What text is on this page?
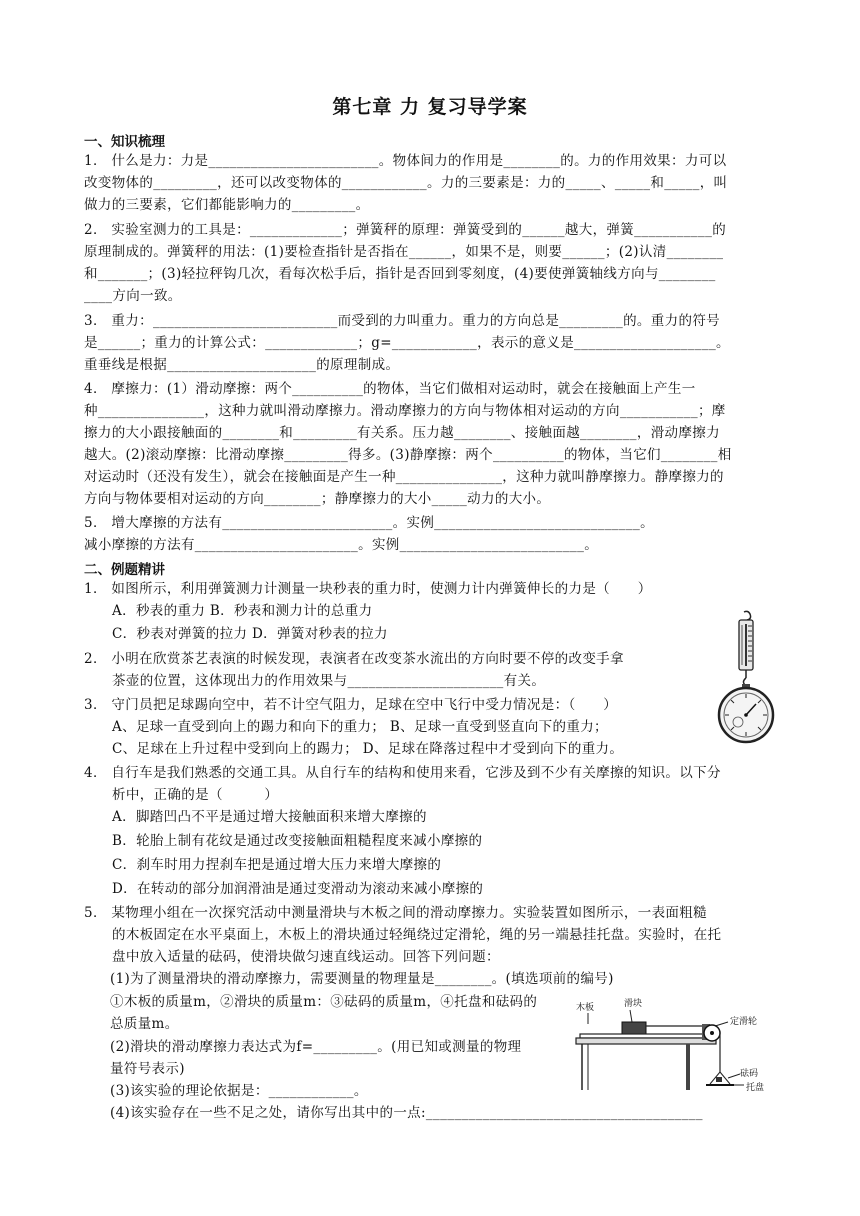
第七章 力 复习导学案
一、知识梳理
1． 什么是力：力是________________________。物体间力的作用是________的。力的作用效果：力可以
改变物体的_________，还可以改变物体的____________。力的三要素是：力的_____、_____和_____，叫
做力的三要素，它们都能影响力的_________。
2． 实验室测力的工具是：_____________；弹簧秤的原理：弹簧受到的______越大，弹簧___________的
原理制成的。弹簧秤的用法：(1)要检查指针是否指在______，如果不是，则要______；(2)认清________
和_______；(3)轻拉秤钩几次，看每次松手后，指针是否回到零刻度，(4)要使弹簧轴线方向与________
____方向一致。
3． 重力：__________________________而受到的力叫重力。重力的方向总是_________的。重力的符号
是______；重力的计算公式：_____________；g=____________，表示的意义是____________________。
重垂线是根据_____________________的原理制成。
4． 摩擦力：(1）滑动摩擦：两个__________的物体，当它们做相对运动时，就会在接触面上产生一
种_______________，这种力就叫滑动摩擦力。滑动摩擦力的方向与物体相对运动的方向___________；摩
擦力的大小跟接触面的________和_________有关系。压力越________、接触面越________，滑动摩擦力
越大。(2)滚动摩擦：比滑动摩擦_________得多。(3)静摩擦：两个__________的物体，当它们________相
对运动时（还没有发生），就会在接触面是产生一种_______________，这种力就叫静摩擦力。静摩擦力的
方向与物体要相对运动的方向________；静摩擦力的大小_____动力的大小。
5． 增大摩擦的方法有________________________。实例_____________________________。
减小摩擦的方法有_______________________。实例__________________________。
二、例题精讲
1． 如图所示，利用弹簧测力计测量一块秒表的重力时，使测力计内弹簧伸长的力是（　　）
A．秒表的重力 B．秒表和测力计的总重力
C．秒表对弹簧的拉力 D．弹簧对秒表的拉力
2． 小明在欣赏茶艺表演的时候发现，表演者在改变茶水流出的方向时要不停的改变手拿
茶壶的位置，这体现出力的作用效果与______________________有关。
3． 守门员把足球踢向空中，若不计空气阻力，足球在空中飞行中受力情况是：（　　）
A、足球一直受到向上的踢力和向下的重力； B、足球一直受到竖直向下的重力；
C、足球在上升过程中受到向上的踢力； D、足球在降落过程中才受到向下的重力。
4． 自行车是我们熟悉的交通工具。从自行车的结构和使用来看，它涉及到不少有关摩擦的知识。以下分
析中，正确的是（　　　）
A．脚踏凹凸不平是通过增大接触面积来增大摩擦的
B．轮胎上制有花纹是通过改变接触面粗糙程度来减小摩擦的
C．刹车时用力捏刹车把是通过增大压力来增大摩擦的
D．在转动的部分加润滑油是通过变滑动为滚动来减小摩擦的
5． 某物理小组在一次探究活动中测量滑块与木板之间的滑动摩擦力。实验装置如图所示，一表面粗糙
的木板固定在水平桌面上，木板上的滑块通过轻绳绕过定滑轮，绳的另一端悬挂托盘。实验时，在托
盘中放入适量的砝码，使滑块做匀速直线运动。回答下列问题：
(1)为了测量滑块的滑动摩擦力，需要测量的物理量是________。(填选项前的编号)
①木板的质量m，②滑块的质量m：③砝码的质量m，④托盘和砝码的
总质量m。
(2)滑块的滑动摩擦力表达式为f=_________。(用已知或测量的物理
量符号表示)
(3)该实验的理论依据是：____________。
(4)该实验存在一些不足之处，请你写出其中的一点:_______________________________________
木板	滑块
定滑轮
砝码
托盘
